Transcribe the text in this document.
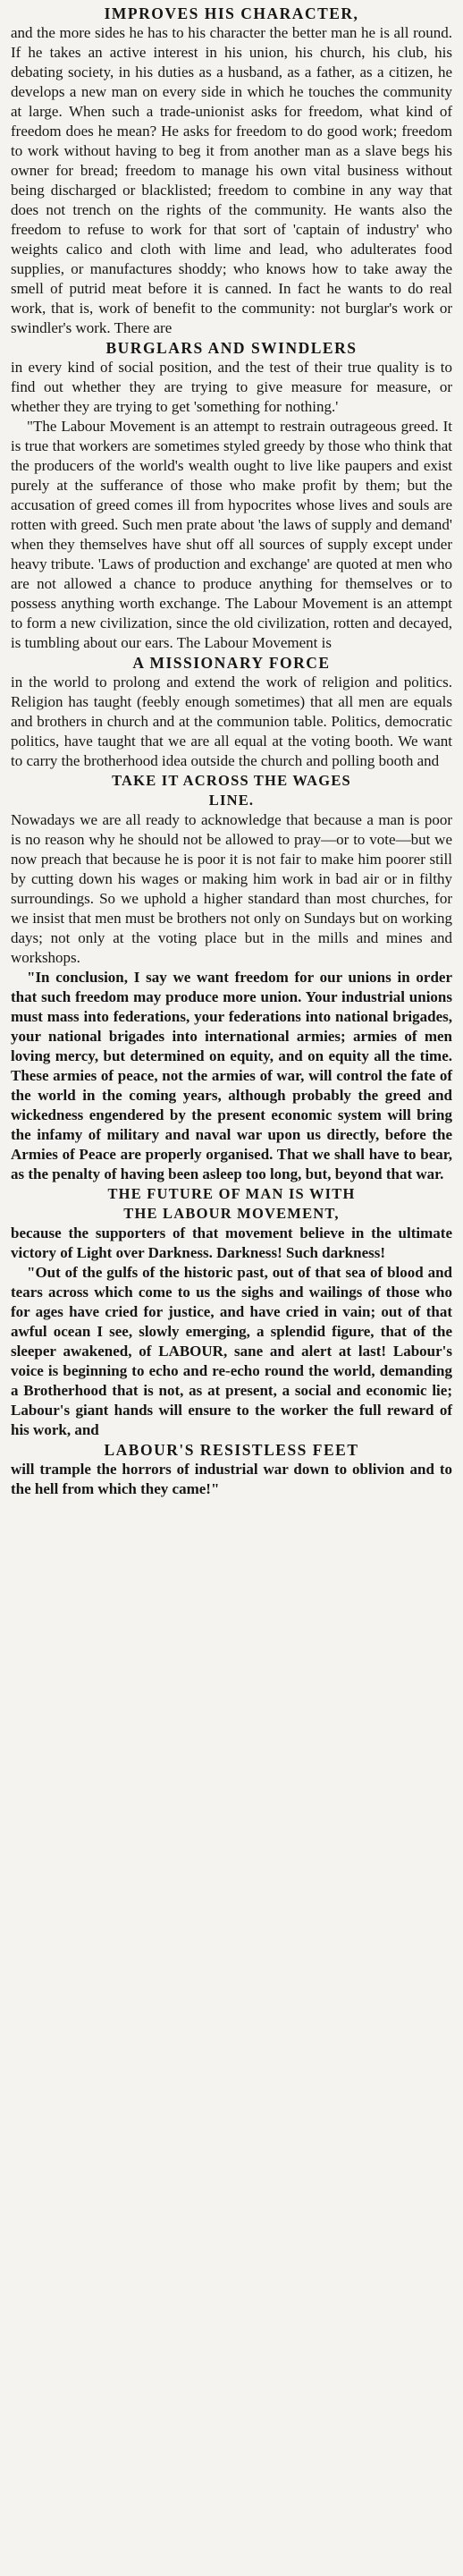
IMPROVES HIS CHARACTER,

and the more sides he has to his character the better man he is all round. If he takes an active interest in his union, his church, his club, his debating society, in his duties as a husband, as a father, as a citizen, he develops a new man on every side in which he touches the community at large. When such a trade-unionist asks for freedom, what kind of freedom does he mean? He asks for freedom to do good work; freedom to work without having to beg it from another man as a slave begs his owner for bread; freedom to manage his own vital business without being discharged or blacklisted; freedom to combine in any way that does not trench on the rights of the community. He wants also the freedom to refuse to work for that sort of 'captain of industry' who weights calico and cloth with lime and lead, who adulterates food supplies, or manufactures shoddy; who knows how to take away the smell of putrid meat before it is canned. In fact he wants to do real work, that is, work of benefit to the community: not burglar's work or swindler's work. There are

BURGLARS AND SWINDLERS

in every kind of social position, and the test of their true quality is to find out whether they are trying to give measure for measure, or whether they are trying to get 'something for nothing.'

"The Labour Movement is an attempt to restrain outrageous greed. It is true that workers are sometimes styled greedy by those who think that the producers of the world's wealth ought to live like paupers and exist purely at the sufferance of those who make profit by them; but the accusation of greed comes ill from hypocrites whose lives and souls are rotten with greed. Such men prate about 'the laws of supply and demand' when they themselves have shut off all sources of supply except under heavy tribute. 'Laws of production and exchange' are quoted at men who are not allowed a chance to produce anything for themselves or to possess anything worth exchange. The Labour Movement is an attempt to form a new civilization, since the old civilization, rotten and decayed, is tumbling about our ears. The Labour Movement is

A MISSIONARY FORCE

in the world to prolong and extend the work of religion and politics. Religion has taught (feebly enough sometimes) that all men are equals and brothers in church and at the communion table. Politics, democratic politics, have taught that we are all equal at the voting booth. We want to carry the brotherhood idea outside the church and polling booth and

TAKE IT ACROSS THE WAGES
LINE.

Nowadays we are all ready to acknowledge that because a man is poor is no reason why he should not be allowed to pray—or to vote—but we now preach that because he is poor it is not fair to make him poorer still by cutting down his wages or making him work in bad air or in filthy surroundings. So we uphold a higher standard than most churches, for we insist that men must be brothers not only on Sundays but on working days; not only at the voting place but in the mills and mines and workshops.

"In conclusion, I say we want freedom for our unions in order that such freedom may produce more union. Your industrial unions must mass into federations, your federations into national brigades, your national brigades into international armies; armies of men loving mercy, but determined on equity, and on equity all the time. These armies of peace, not the armies of war, will control the fate of the world in the coming years, although probably the greed and wickedness engendered by the present economic system will bring the infamy of military and naval war upon us directly, before the Armies of Peace are properly organised. That we shall have to bear, as the penalty of having been asleep too long, but, beyond that war.

THE FUTURE OF MAN IS WITH
THE LABOUR MOVEMENT,

because the supporters of that movement believe in the ultimate victory of Light over Darkness. Darkness! Such darkness!

"Out of the gulfs of the historic past, out of that sea of blood and tears across which come to us the sighs and wailings of those who for ages have cried for justice, and have cried in vain; out of that awful ocean I see, slowly emerging, a splendid figure, that of the sleeper awakened, of LABOUR, sane and alert at last! Labour's voice is beginning to echo and re-echo round the world, demanding a Brotherhood that is not, as at present, a social and economic lie; Labour's giant hands will ensure to the worker the full reward of his work, and

LABOUR'S RESISTLESS FEET

will trample the horrors of industrial war down to oblivion and to the hell from which they came!"
